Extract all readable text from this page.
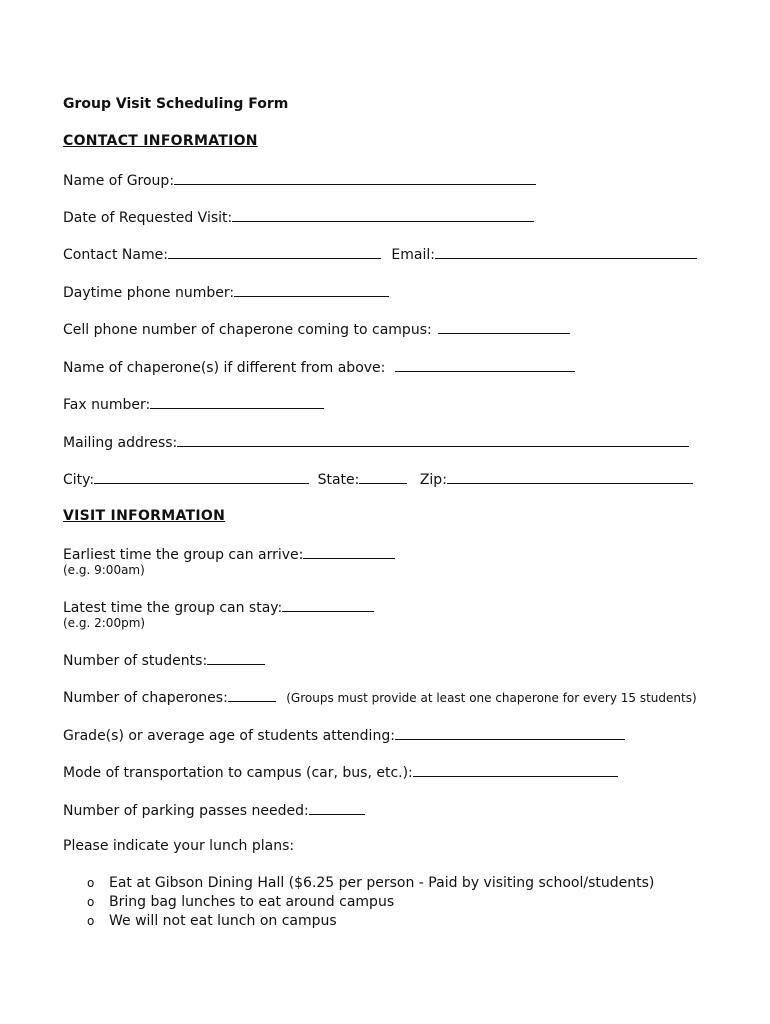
Group Visit Scheduling Form
CONTACT INFORMATION
Name of Group:
Date of Requested Visit:
Contact Name:	Email:
Daytime phone number:
Cell phone number of chaperone coming to campus:
Name of chaperone(s) if different from above:
Fax number:
Mailing address:
City:	State:	Zip:
VISIT INFORMATION
Earliest time the group can arrive:
(e.g. 9:00am)
Latest time the group can stay:
(e.g. 2:00pm)
Number of students:
Number of chaperones:	(Groups must provide at least one chaperone for every 15 students)
Grade(s) or average age of students attending:
Mode of transportation to campus (car, bus, etc.):
Number of parking passes needed:
Please indicate your lunch plans:
o Eat at Gibson Dining Hall ($6.25 per person - Paid by visiting school/students)
o Bring bag lunches to eat around campus
o We will not eat lunch on campus
